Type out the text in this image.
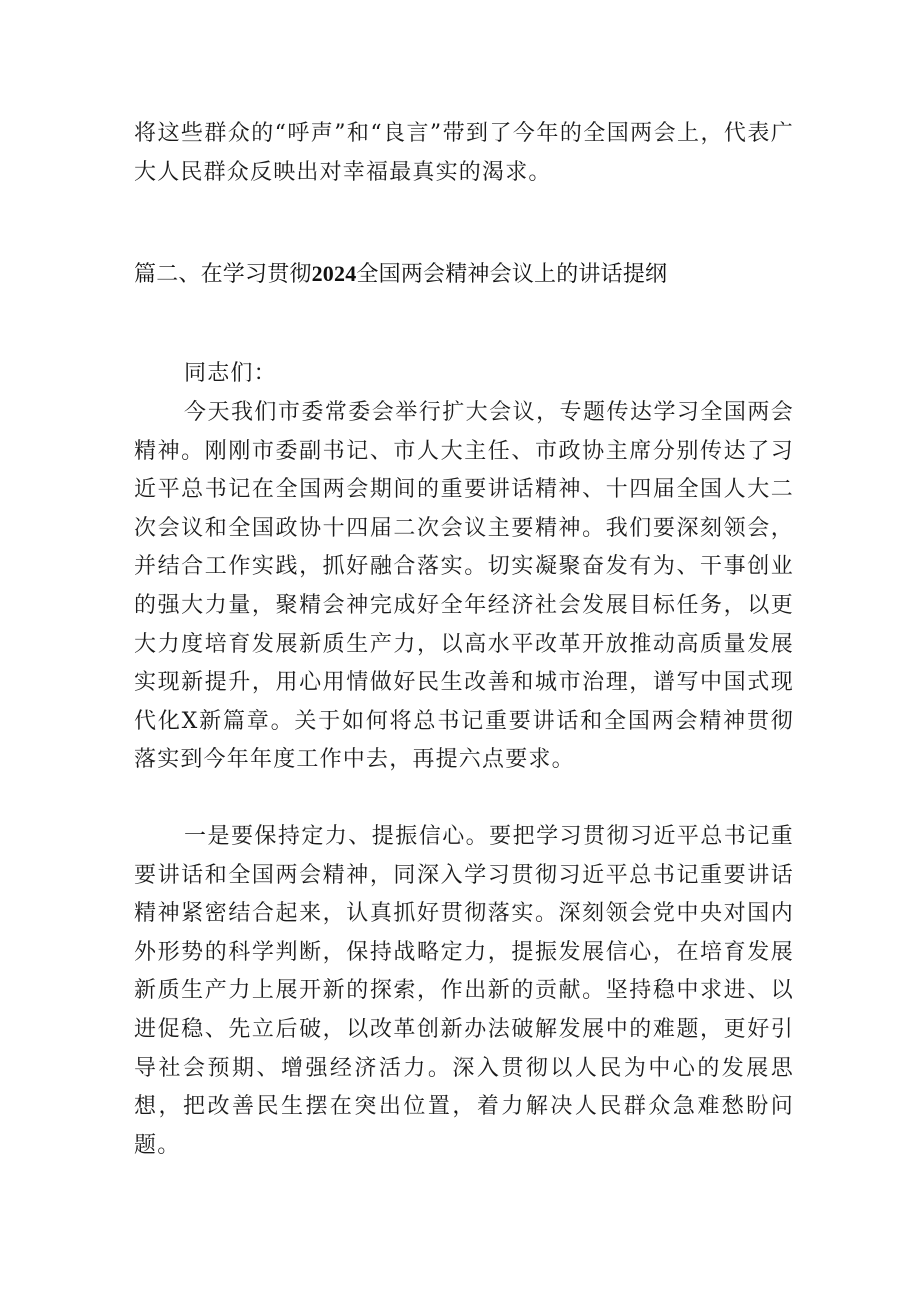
将这些群众的“呼声”和“良言”带到了今年的全国两会上，代表广大人民群众反映出对幸福最真实的渴求。

篇二、在学习贯彻2024全国两会精神会议上的讲话提纲

同志们：

今天我们市委常委会举行扩大会议，专题传达学习全国两会精神。刚刚市委副书记、市人大主任、市政协主席分别传达了习近平总书记在全国两会期间的重要讲话精神、十四届全国人大二次会议和全国政协十四届二次会议主要精神。我们要深刻领会，并结合工作实践，抓好融合落实。切实凝聚奋发有为、干事创业的强大力量，聚精会神完成好全年经济社会发展目标任务，以更大力度培育发展新质生产力，以高水平改革开放推动高质量发展实现新提升，用心用情做好民生改善和城市治理，谱写中国式现代化X新篇章。关于如何将总书记重要讲话和全国两会精神贯彻落实到今年年度工作中去，再提六点要求。

一是要保持定力、提振信心。要把学习贯彻习近平总书记重要讲话和全国两会精神，同深入学习贯彻习近平总书记重要讲话精神紧密结合起来，认真抓好贯彻落实。深刻领会党中央对国内外形势的科学判断，保持战略定力，提振发展信心，在培育发展新质生产力上展开新的探索，作出新的贡献。坚持稳中求进、以进促稳、先立后破，以改革创新办法破解发展中的难题，更好引导社会预期、增强经济活力。深入贯彻以人民为中心的发展思想，把改善民生摆在突出位置，着力解决人民群众急难愁盼问题。
